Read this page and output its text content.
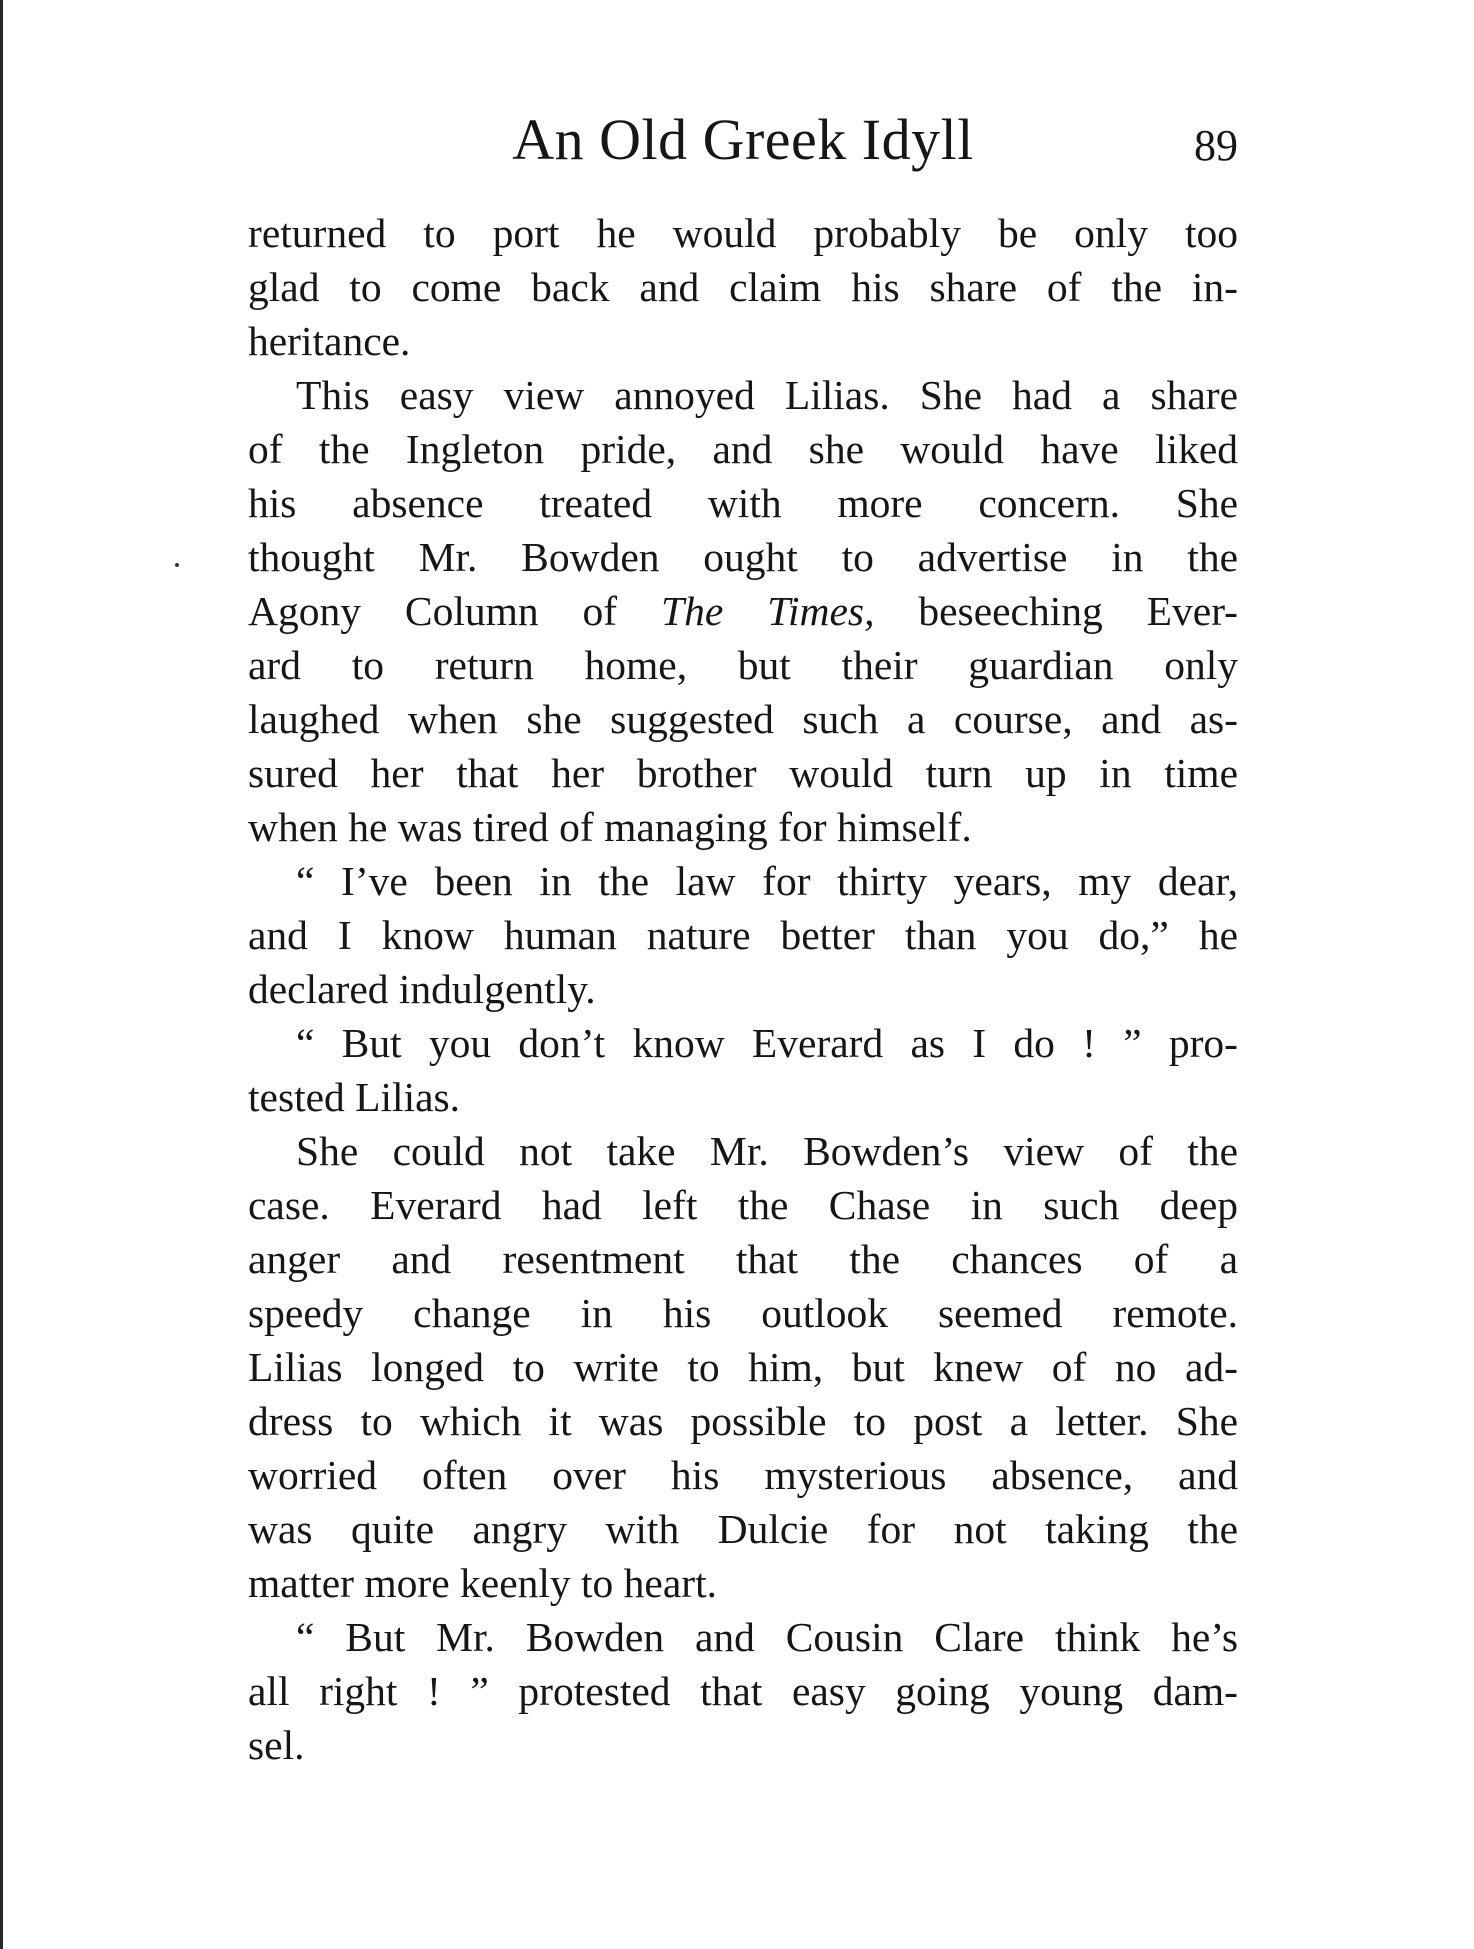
An Old Greek Idyll	89
returned to port he would probably be only too
glad to come back and claim his share of the in-
heritance.
This easy view annoyed Lilias. She had a share
of the Ingleton pride, and she would have liked
his absence treated with more concern. She
thought Mr. Bowden ought to advertise in the
Agony Column of The Times, beseeching Ever-
ard to return home, but their guardian only
laughed when she suggested such a course, and as-
sured her that her brother would turn up in time
when he was tired of managing for himself.
“ I’ve been in the law for thirty years, my dear,
and I know human nature better than you do,” he
declared indulgently.
“ But you don’t know Everard as I do ! ” pro-
tested Lilias.
She could not take Mr. Bowden’s view of the
case. Everard had left the Chase in such deep
anger and resentment that the chances of a
speedy change in his outlook seemed remote.
Lilias longed to write to him, but knew of no ad-
dress to which it was possible to post a letter. She
worried often over his mysterious absence, and
was quite angry with Dulcie for not taking the
matter more keenly to heart.
“ But Mr. Bowden and Cousin Clare think he’s
all right ! ” protested that easy going young dam-
sel.
